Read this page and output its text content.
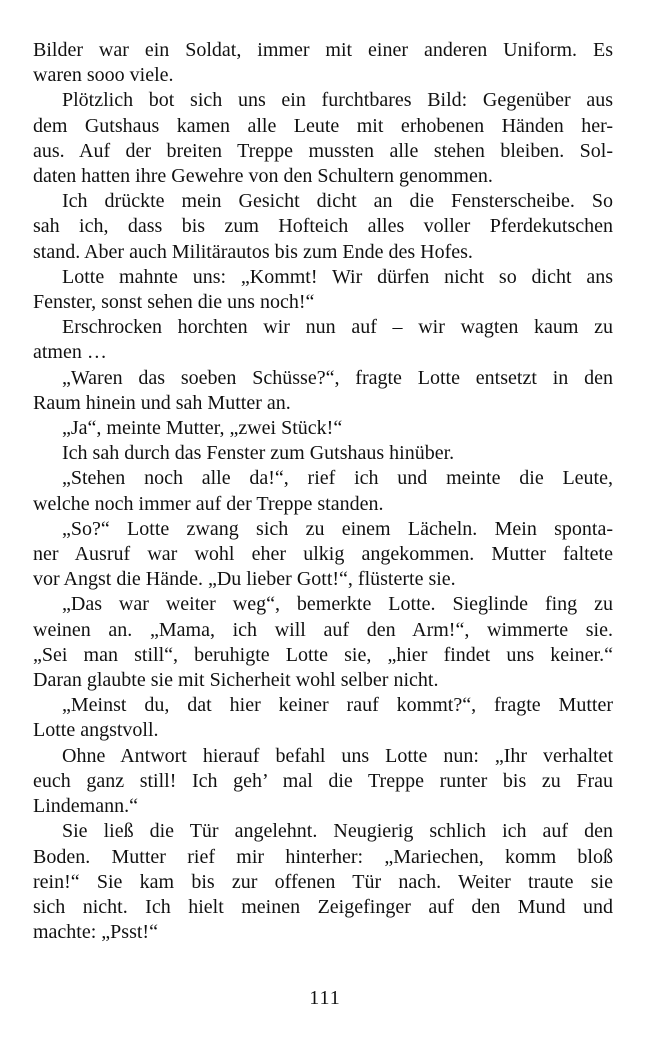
Bilder war ein Soldat, immer mit einer anderen Uniform. Es
waren sooo viele.
Plötzlich bot sich uns ein furchtbares Bild: Gegenüber aus
dem Gutshaus kamen alle Leute mit erhobenen Händen her-
aus. Auf der breiten Treppe mussten alle stehen bleiben. Sol-
daten hatten ihre Gewehre von den Schultern genommen.
Ich drückte mein Gesicht dicht an die Fensterscheibe. So
sah ich, dass bis zum Hofteich alles voller Pferdekutschen
stand. Aber auch Militärautos bis zum Ende des Hofes.
Lotte mahnte uns: „Kommt! Wir dürfen nicht so dicht ans
Fenster, sonst sehen die uns noch!“
Erschrocken horchten wir nun auf – wir wagten kaum zu
atmen …
„Waren das soeben Schüsse?“, fragte Lotte entsetzt in den
Raum hinein und sah Mutter an.
„Ja“, meinte Mutter, „zwei Stück!“
Ich sah durch das Fenster zum Gutshaus hinüber.
„Stehen noch alle da!“, rief ich und meinte die Leute,
welche noch immer auf der Treppe standen.
„So?“ Lotte zwang sich zu einem Lächeln. Mein sponta-
ner Ausruf war wohl eher ulkig angekommen. Mutter faltete
vor Angst die Hände. „Du lieber Gott!“, flüsterte sie.
„Das war weiter weg“, bemerkte Lotte. Sieglinde fing zu
weinen an. „Mama, ich will auf den Arm!“, wimmerte sie.
„Sei man still“, beruhigte Lotte sie, „hier findet uns keiner.“
Daran glaubte sie mit Sicherheit wohl selber nicht.
„Meinst du, dat hier keiner rauf kommt?“, fragte Mutter
Lotte angstvoll.
Ohne Antwort hierauf befahl uns Lotte nun: „Ihr verhaltet
euch ganz still! Ich geh’ mal die Treppe runter bis zu Frau
Lindemann.“
Sie ließ die Tür angelehnt. Neugierig schlich ich auf den
Boden. Mutter rief mir hinterher: „Mariechen, komm bloß
rein!“ Sie kam bis zur offenen Tür nach. Weiter traute sie
sich nicht. Ich hielt meinen Zeigefinger auf den Mund und
machte: „Psst!“
111
